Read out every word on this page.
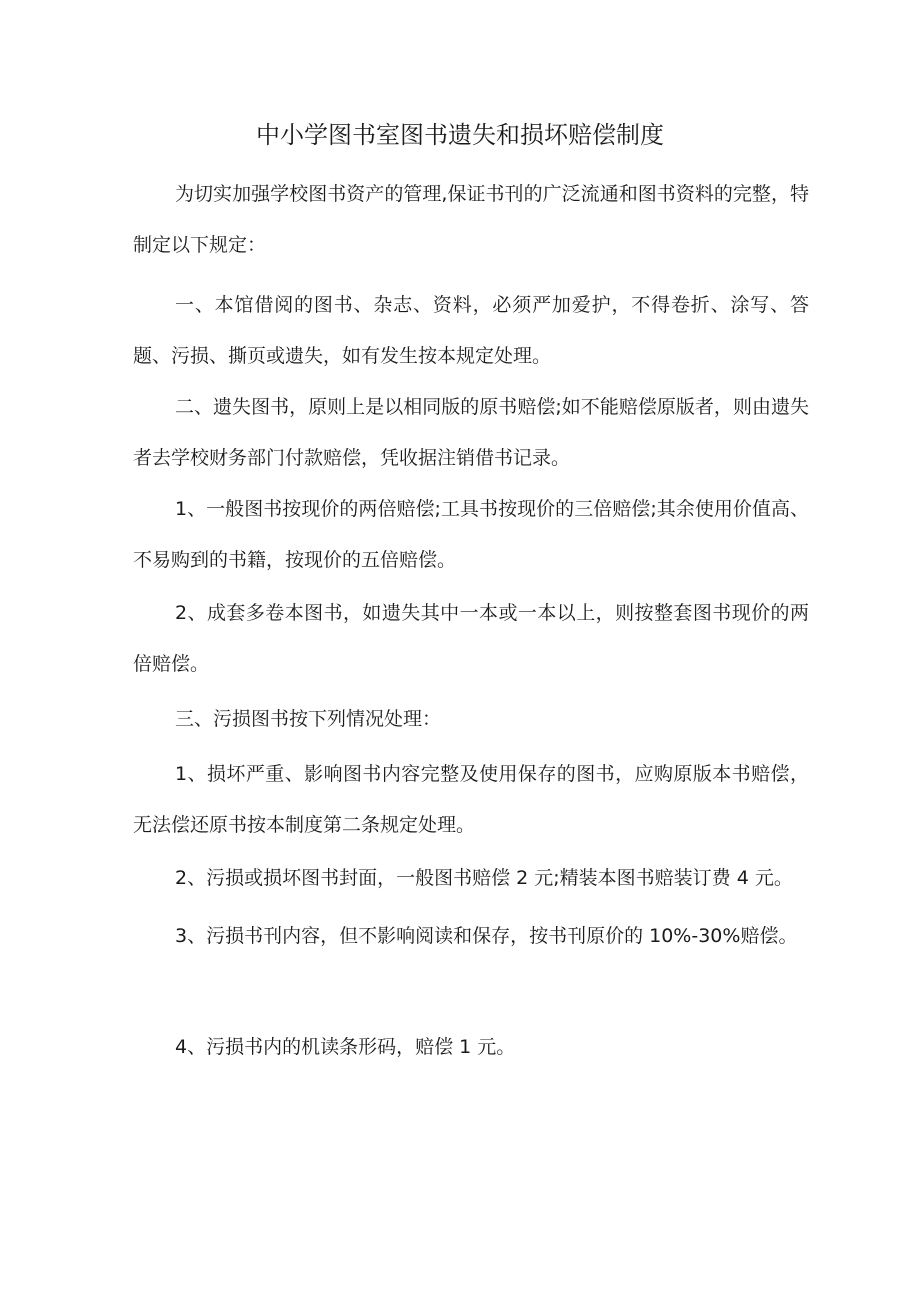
中小学图书室图书遗失和损坏赔偿制度

为切实加强学校图书资产的管理,保证书刊的广泛流通和图书资料的完整，特制定以下规定：

一、本馆借阅的图书、杂志、资料，必须严加爱护，不得卷折、涂写、答题、污损、撕页或遗失，如有发生按本规定处理。

二、遗失图书，原则上是以相同版的原书赔偿;如不能赔偿原版者，则由遗失者去学校财务部门付款赔偿，凭收据注销借书记录。

1、一般图书按现价的两倍赔偿;工具书按现价的三倍赔偿;其余使用价值高、不易购到的书籍，按现价的五倍赔偿。

2、成套多卷本图书，如遗失其中一本或一本以上，则按整套图书现价的两倍赔偿。

三、污损图书按下列情况处理：

1、损坏严重、影响图书内容完整及使用保存的图书，应购原版本书赔偿，无法偿还原书按本制度第二条规定处理。

2、污损或损坏图书封面，一般图书赔偿 2 元;精装本图书赔装订费 4 元。

3、污损书刊内容，但不影响阅读和保存，按书刊原价的 10%-30%赔偿。

4、污损书内的机读条形码，赔偿 1 元。
